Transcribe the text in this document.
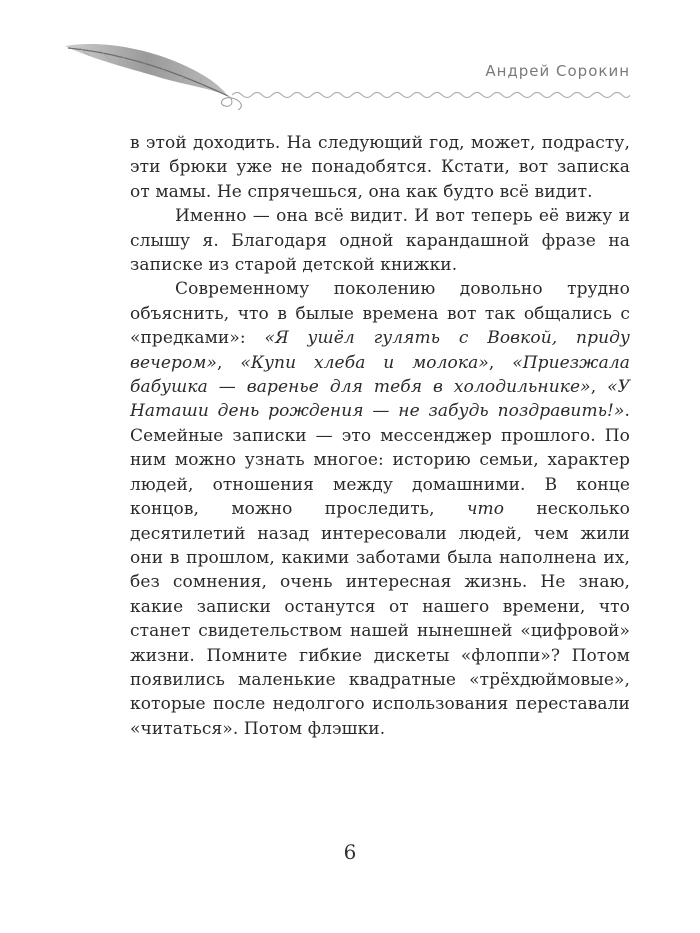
Андрей Сорокин

в этой доходить. На следующий год, может, подрасту, эти брюки уже не понадобятся. Кстати, вот записка от мамы. Не спрячешься, она как будто всё видит.

Именно — она всё видит. И вот теперь её вижу и слышу я. Благодаря одной карандашной фразе на записке из старой детской книжки.

Современному поколению довольно трудно объяснить, что в былые времена вот так общались с «предками»: «Я ушёл гулять с Вовкой, приду вечером», «Купи хлеба и молока», «Приезжала бабушка — варенье для тебя в холодильнике», «У Наташи день рождения — не забудь поздравить!». Семейные записки — это мессенджер прошлого. По ним можно узнать многое: историю семьи, характер людей, отношения между домашними. В конце концов, можно проследить, что несколько десятилетий назад интересовали людей, чем жили они в прошлом, какими заботами была наполнена их, без сомнения, очень интересная жизнь. Не знаю, какие записки останутся от нашего времени, что станет свидетельством нашей нынешней «цифровой» жизни. Помните гибкие дискеты «флоппи»? Потом появились маленькие квадратные «трёхдюймовые», которые после недолгого использования переставали «читаться». Потом флэшки.

6
